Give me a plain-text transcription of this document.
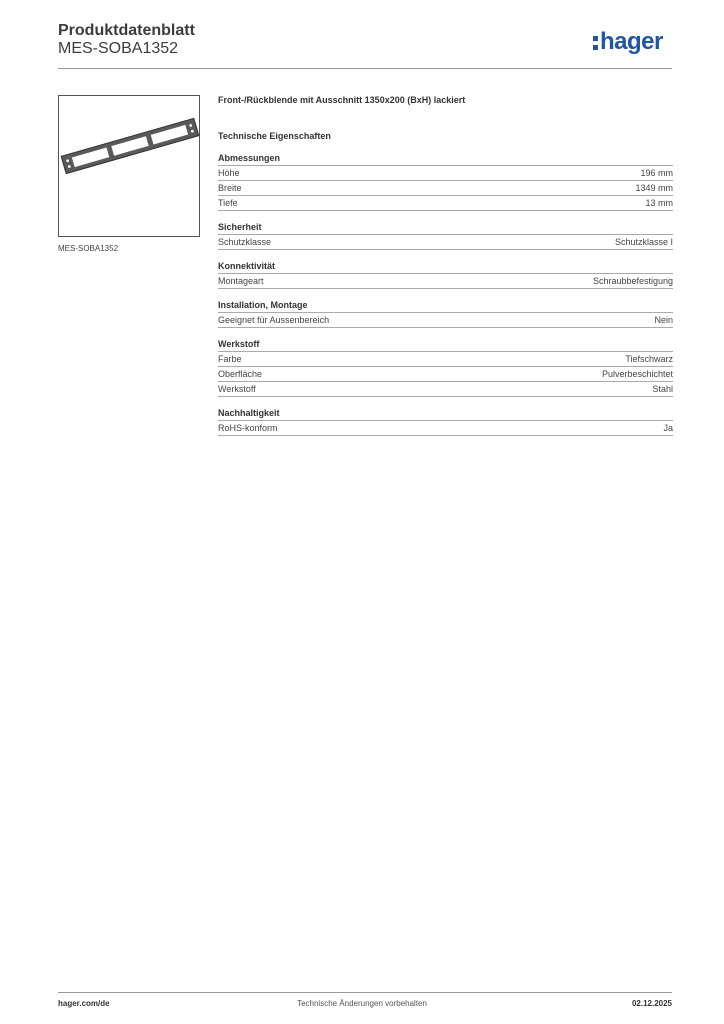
Produktdatenblatt
MES-SOBA1352	hager
MES-SOBA1352
Front-/Rückblende mit Ausschnitt 1350x200 (BxH) lackiert
Technische Eigenschaften
Abmessungen
Höhe	196 mm
Breite	1349 mm
Tiefe	13 mm
Sicherheit
Schutzklasse	Schutzklasse I
Konnektivität
Montageart	Schraubbefestigung
Installation, Montage
Geeignet für Aussenbereich	Nein
Werkstoff
Farbe	Tiefschwarz
Oberfläche	Pulverbeschichtet
Werkstoff	Stahl
Nachhaltigkeit
RoHS-konform	Ja
hager.com/de	Technische Änderungen vorbehalten	02.12.2025
